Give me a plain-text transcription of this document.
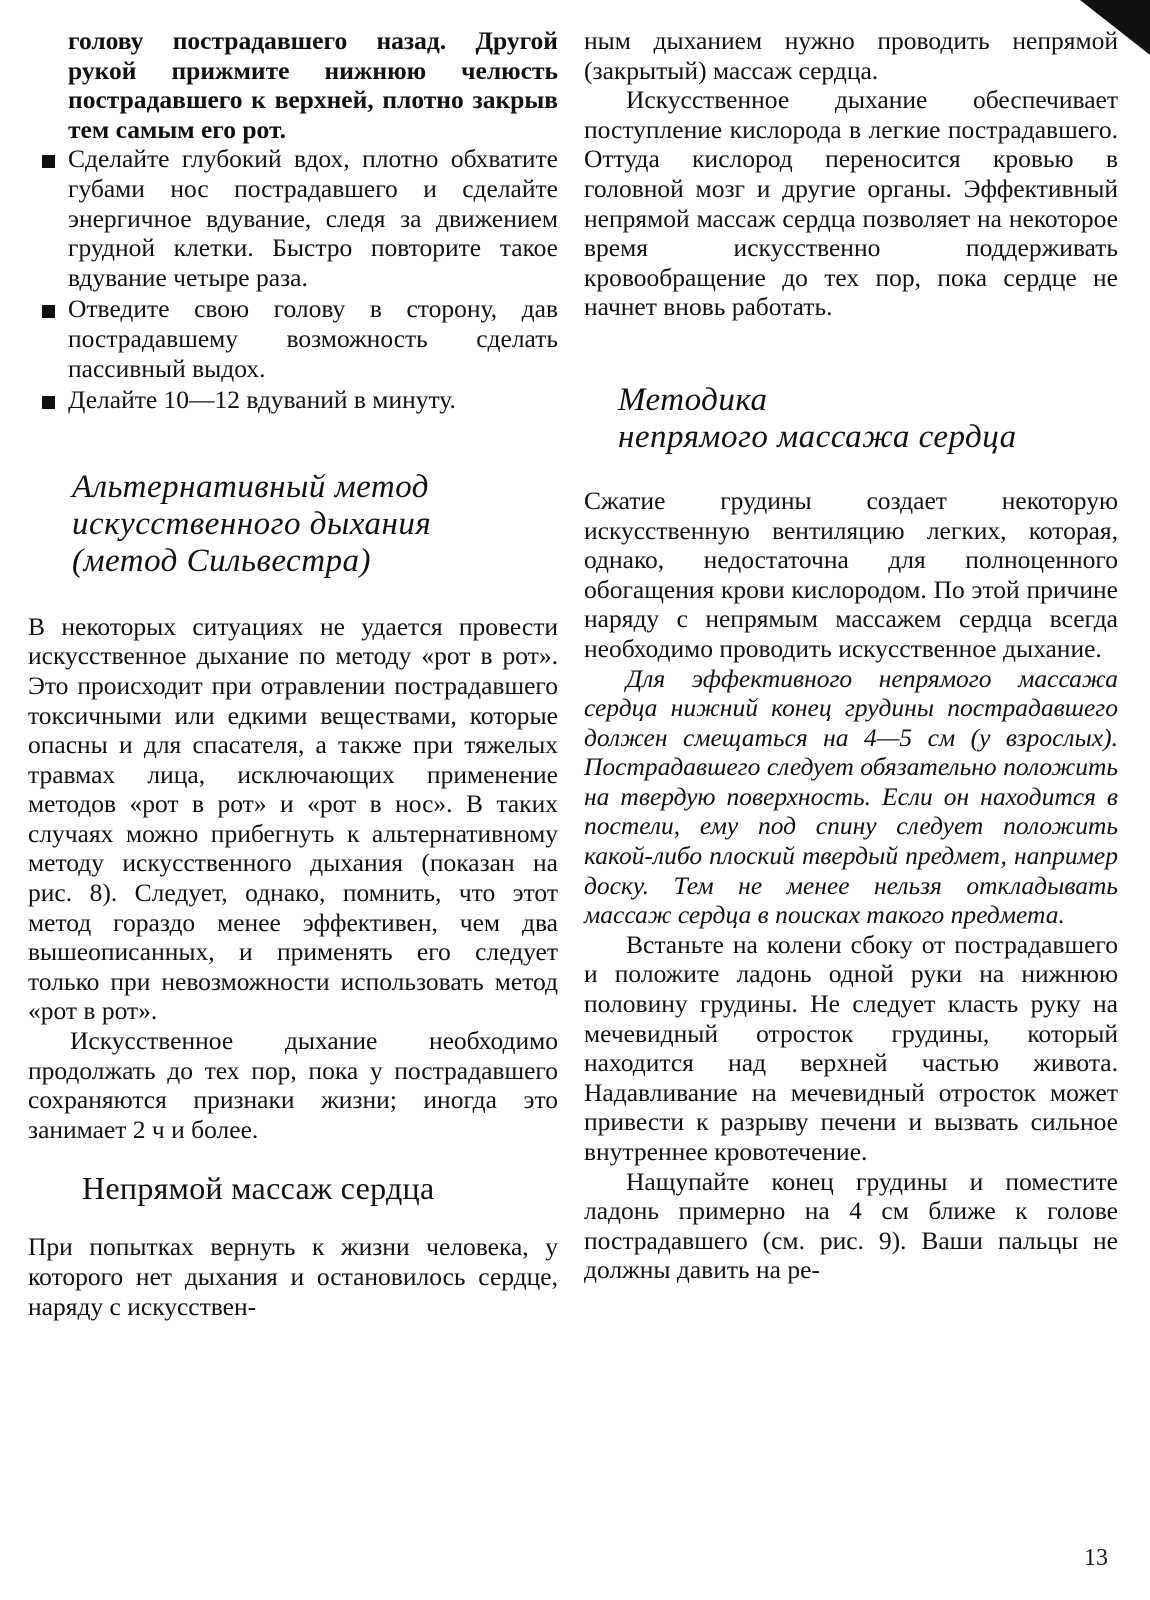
голову пострадавшего назад. Другой рукой прижмите нижнюю челюсть пострадавшего к верхней, плотно закрыв тем самым его рот.

Сделайте глубокий вдох, плотно обхватите губами нос пострадавшего и сделайте энергичное вдувание, следя за движением грудной клетки. Быстро повторите такое вдувание четыре раза.
Отведите свою голову в сторону, дав пострадавшему возможность сделать пассивный выдох.
Делайте 10—12 вдуваний в минуту.
Альтернативный метод
искусственного дыхания
(метод Сильвестра)

В некоторых ситуациях не удается провести искусственное дыхание по методу «рот в рот». Это происходит при отравлении пострадавшего токсичными или едкими веществами, которые опасны и для спасателя, а также при тяжелых травмах лица, исключающих применение методов «рот в рот» и «рот в нос». В таких случаях можно прибегнуть к альтернативному методу искусственного дыхания (показан на рис. 8). Следует, однако, помнить, что этот метод гораздо менее эффективен, чем два вышеописанных, и применять его следует только при невозможности использовать метод «рот в рот».

Искусственное дыхание необходимо продолжать до тех пор, пока у пострадавшего сохраняются признаки жизни; иногда это занимает 2 ч и более.

Непрямой массаж сердца

При попытках вернуть к жизни человека, у которого нет дыхания и остановилось сердце, наряду с искусствен-

ным дыханием нужно проводить непрямой (закрытый) массаж сердца.

Искусственное дыхание обеспечивает поступление кислорода в легкие пострадавшего. Оттуда кислород переносится кровью в головной мозг и другие органы. Эффективный непрямой массаж сердца позволяет на некоторое время искусственно поддерживать кровообращение до тех пор, пока сердце не начнет вновь работать.

Методика
непрямого массажа сердца

Сжатие грудины создает некоторую искусственную вентиляцию легких, которая, однако, недостаточна для полноценного обогащения крови кислородом. По этой причине наряду с непрямым массажем сердца всегда необходимо проводить искусственное дыхание.

Для эффективного непрямого массажа сердца нижний конец грудины пострадавшего должен смещаться на 4—5 см (у взрослых). Пострадавшего следует обязательно положить на твердую поверхность. Если он находится в постели, ему под спину следует положить какой-либо плоский твердый предмет, например доску. Тем не менее нельзя откладывать массаж сердца в поисках такого предмета.

Встаньте на колени сбоку от пострадавшего и положите ладонь одной руки на нижнюю половину грудины. Не следует класть руку на мечевидный отросток грудины, который находится над верхней частью живота. Надавливание на мечевидный отросток может привести к разрыву печени и вызвать сильное внутреннее кровотечение.

Нащупайте конец грудины и поместите ладонь примерно на 4 см ближе к голове пострадавшего (см. рис. 9). Ваши пальцы не должны давить на ре-

13
